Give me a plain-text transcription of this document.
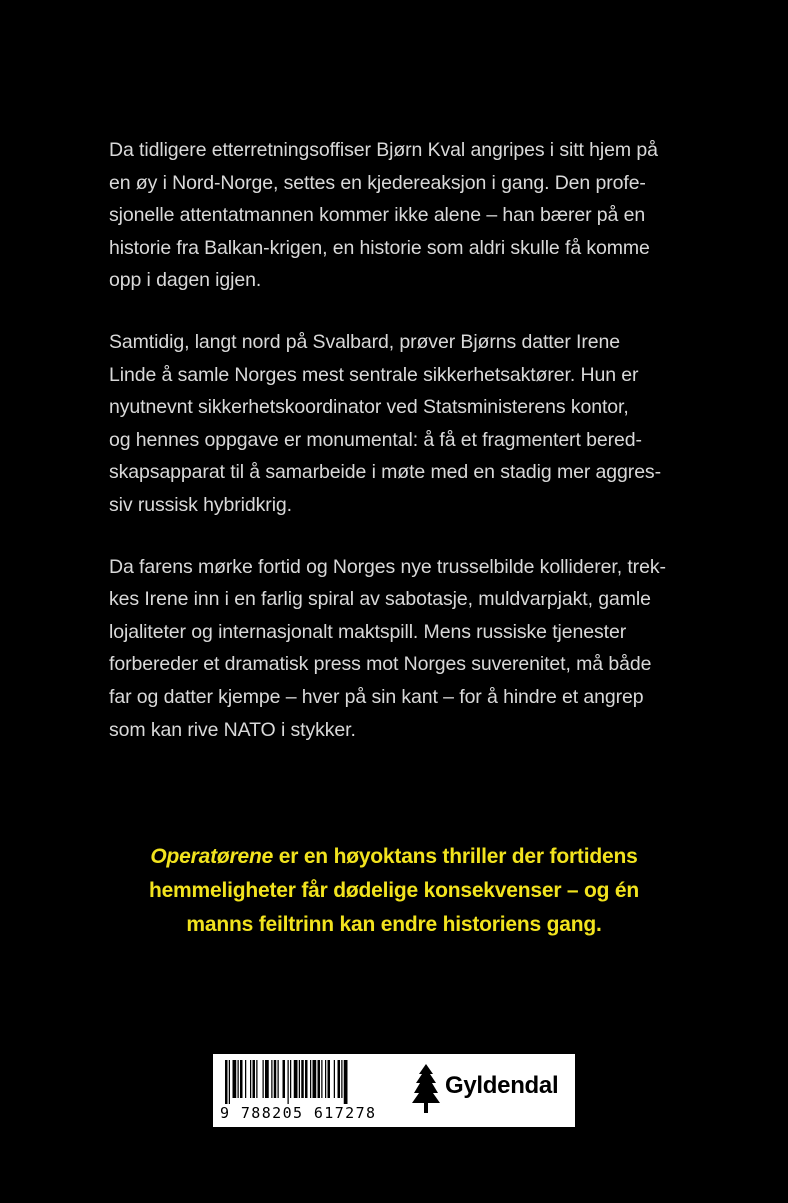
Da tidligere etterretningsoffiser Bjørn Kval angripes i sitt hjem på
en øy i Nord-Norge, settes en kjedereaksjon i gang. Den profe-
sjonelle attentatmannen kommer ikke alene – han bærer på en
historie fra Balkan-krigen, en historie som aldri skulle få komme
opp i dagen igjen.

Samtidig, langt nord på Svalbard, prøver Bjørns datter Irene
Linde å samle Norges mest sentrale sikkerhetsaktører. Hun er
nyutnevnt sikkerhetskoordinator ved Statsministerens kontor,
og hennes oppgave er monumental: å få et fragmentert bered-
skapsapparat til å samarbeide i møte med en stadig mer aggres-
siv russisk hybridkrig.

Da farens mørke fortid og Norges nye trusselbilde kolliderer, trek-
kes Irene inn i en farlig spiral av sabotasje, muldvarpjakt, gamle
lojaliteter og internasjonalt maktspill. Mens russiske tjenester
forbereder et dramatisk press mot Norges suverenitet, må både
far og datter kjempe – hver på sin kant – for å hindre et angrep
som kan rive NATO i stykker.

Operatørene er en høyoktans thriller der fortidens
hemmeligheter får dødelige konsekvenser – og én
manns feiltrinn kan endre historiens gang.
9 788205 617278
Gyldendal
